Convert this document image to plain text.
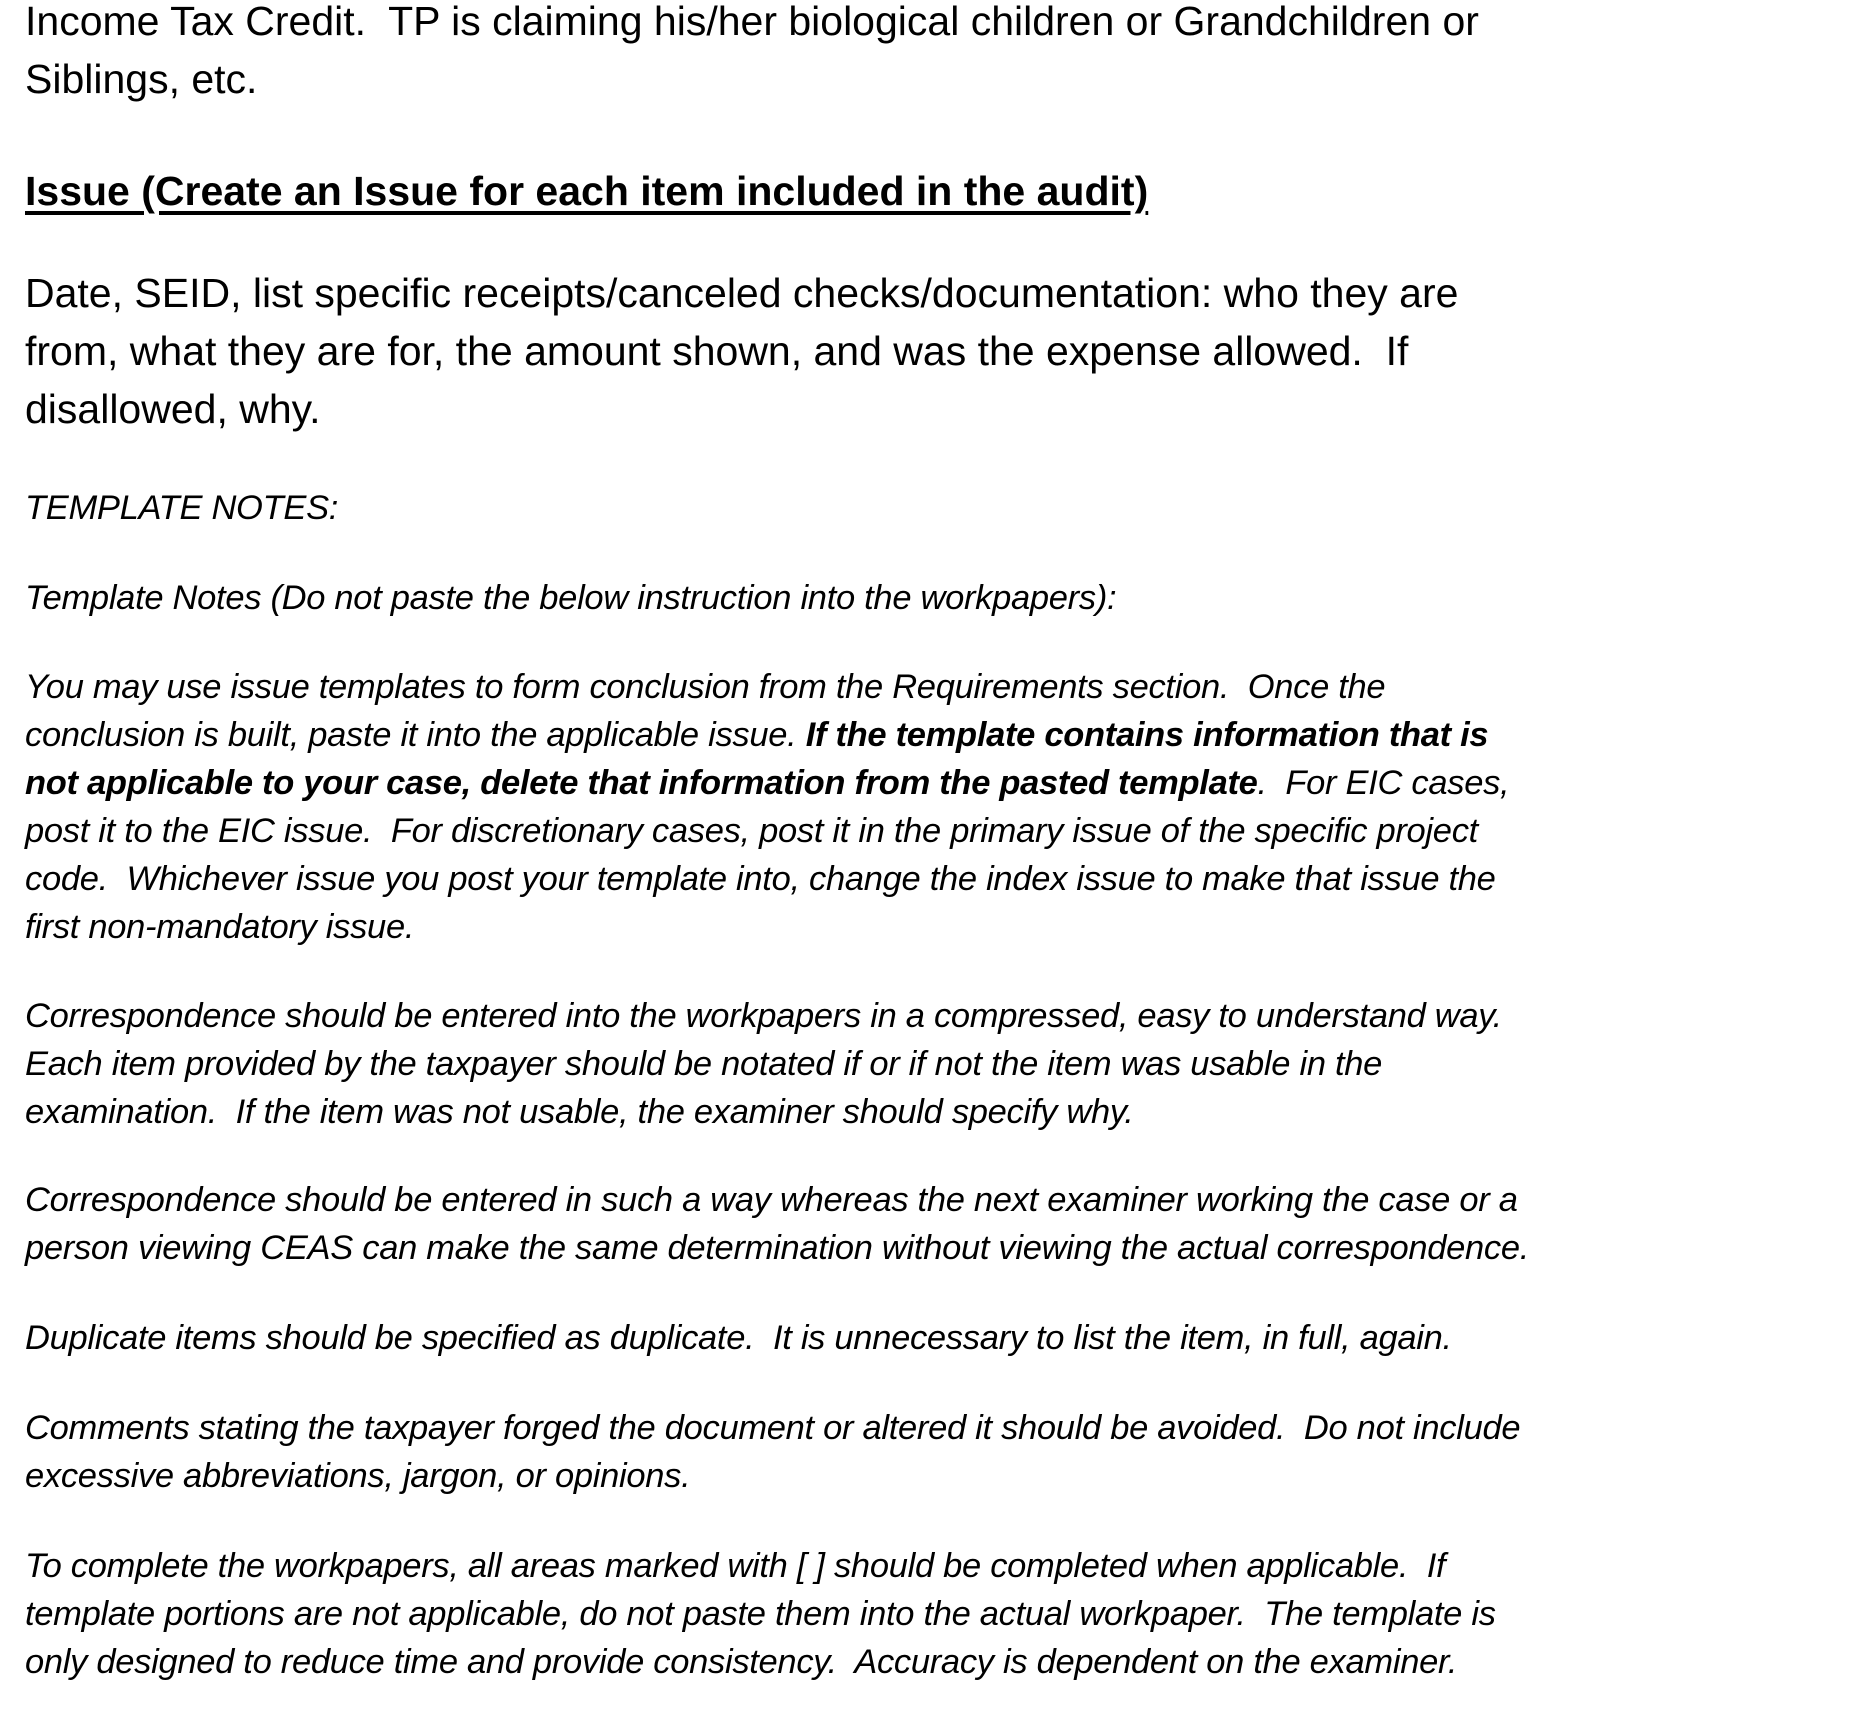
Income Tax Credit.  TP is claiming his/her biological children or Grandchildren or
Siblings, etc.

Issue (Create an Issue for each item included in the audit)

Date, SEID, list specific receipts/canceled checks/documentation: who they are
from, what they are for, the amount shown, and was the expense allowed.  If
disallowed, why.

TEMPLATE NOTES:

Template Notes (Do not paste the below instruction into the workpapers):

You may use issue templates to form conclusion from the Requirements section.  Once the
conclusion is built, paste it into the applicable issue. If the template contains information that is
not applicable to your case, delete that information from the pasted template.  For EIC cases,
post it to the EIC issue.  For discretionary cases, post it in the primary issue of the specific project
code.  Whichever issue you post your template into, change the index issue to make that issue the
first non-mandatory issue.

Correspondence should be entered into the workpapers in a compressed, easy to understand way.
Each item provided by the taxpayer should be notated if or if not the item was usable in the
examination.  If the item was not usable, the examiner should specify why.

Correspondence should be entered in such a way whereas the next examiner working the case or a
person viewing CEAS can make the same determination without viewing the actual correspondence.

Duplicate items should be specified as duplicate.  It is unnecessary to list the item, in full, again.

Comments stating the taxpayer forged the document or altered it should be avoided.  Do not include
excessive abbreviations, jargon, or opinions.

To complete the workpapers, all areas marked with [ ] should be completed when applicable.  If
template portions are not applicable, do not paste them into the actual workpaper.  The template is
only designed to reduce time and provide consistency.  Accuracy is dependent on the examiner.
